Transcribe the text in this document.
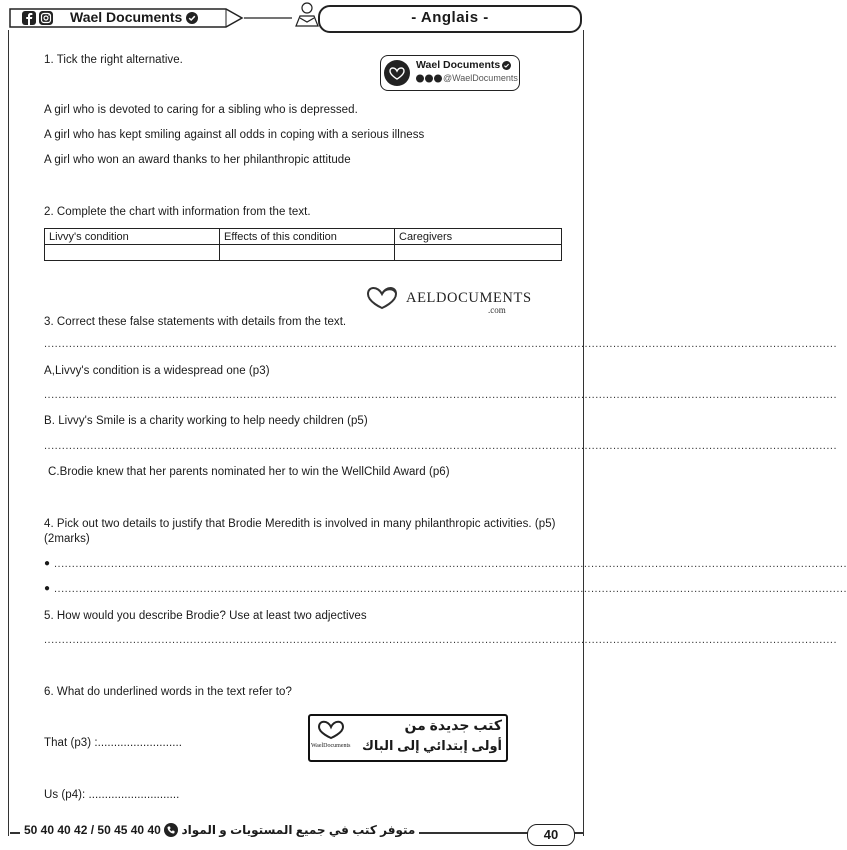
Wael Documents	- Anglais -
1. Tick the right alternative.	Wael Documents
@WaelDocuments
A girl who is devoted to caring for a sibling who is depressed.
A girl who has kept smiling against all odds in coping with a serious illness
A girl who won an award thanks to her philanthropic attitude
2. Complete the chart with information from the text.
Livvy's condition	Effects of this condition	Caregivers

AELDOCUMENTS
.com
3. Correct these false statements with details from the text.
...............................................................................................................................................................................................................................
A,Livvy's condition is a widespread one (p3)
...............................................................................................................................................................................................................................
B. Livvy's Smile is a charity working to help needy children (p5)
...............................................................................................................................................................................................................................
C.Brodie knew that her parents nominated her to win the WellChild Award (p6)
4. Pick out two details to justify that Brodie Meredith is involved in many philanthropic activities. (p5)
(2marks)
● ...............................................................................................................................................................................................................................
● ...............................................................................................................................................................................................................................
5. How would you describe Brodie? Use at least two adjectives
...............................................................................................................................................................................................................................
6. What do underlined words in the text refer to?
That (p3) :..........................
Us (p4): ............................
WaelDocuments
كتب جديدة من
أولى إبتدائي إلى الباك
50 40 40 42 / 50 45 40 40 متوفر كتب في جميع المستويات و المواد	40
